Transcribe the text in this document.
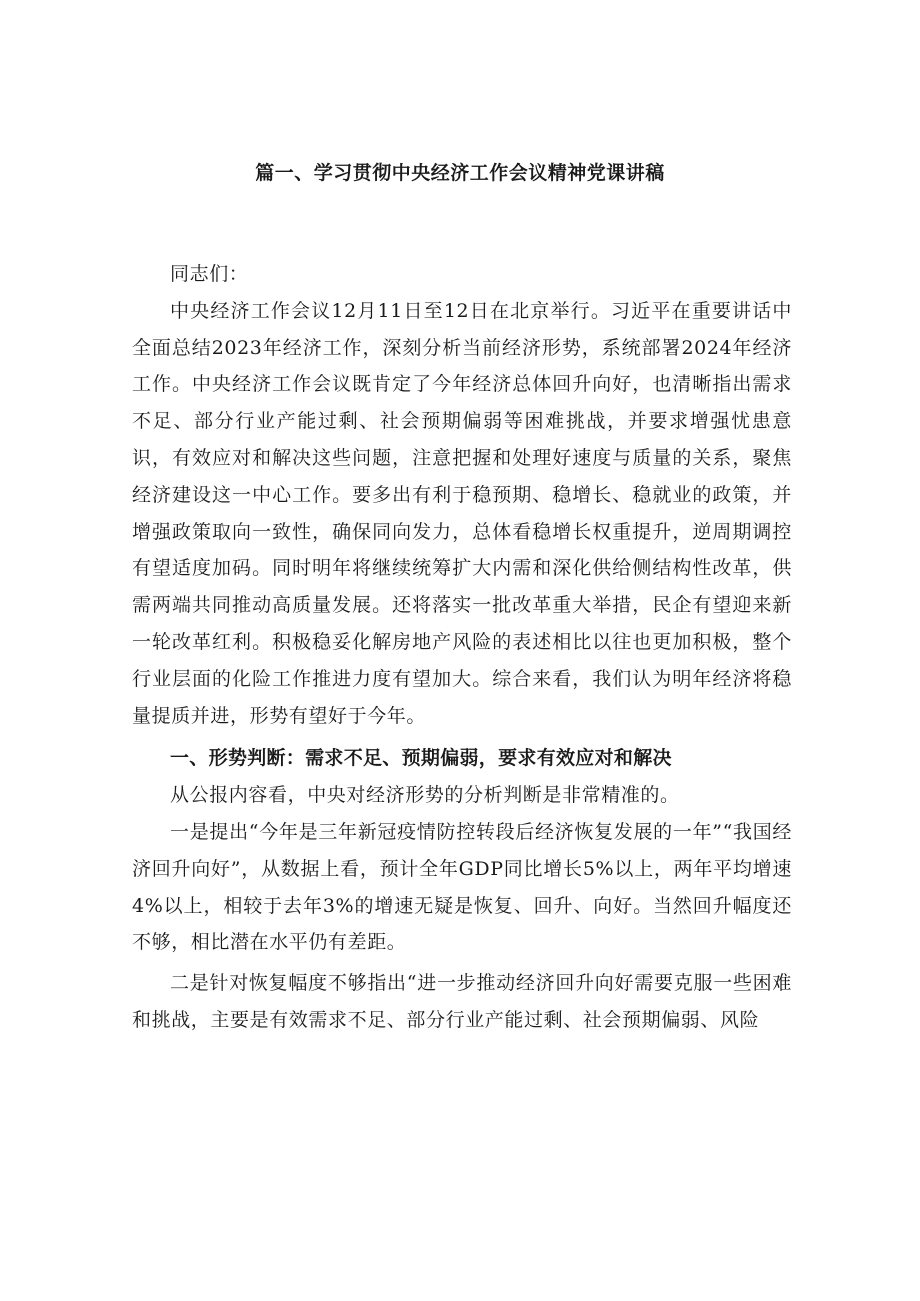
篇一、学习贯彻中央经济工作会议精神党课讲稿

同志们：

中央经济工作会议12月11日至12日在北京举行。习近平在重要讲话中全面总结2023年经济工作，深刻分析当前经济形势，系统部署2024年经济工作。中央经济工作会议既肯定了今年经济总体回升向好，也清晰指出需求不足、部分行业产能过剩、社会预期偏弱等困难挑战，并要求增强忧患意识，有效应对和解决这些问题，注意把握和处理好速度与质量的关系，聚焦经济建设这一中心工作。要多出有利于稳预期、稳增长、稳就业的政策，并增强政策取向一致性，确保同向发力，总体看稳增长权重提升，逆周期调控有望适度加码。同时明年将继续统筹扩大内需和深化供给侧结构性改革，供需两端共同推动高质量发展。还将落实一批改革重大举措，民企有望迎来新一轮改革红利。积极稳妥化解房地产风险的表述相比以往也更加积极，整个行业层面的化险工作推进力度有望加大。综合来看，我们认为明年经济将稳量提质并进，形势有望好于今年。

一、形势判断：需求不足、预期偏弱，要求有效应对和解决

从公报内容看，中央对经济形势的分析判断是非常精准的。

一是提出“今年是三年新冠疫情防控转段后经济恢复发展的一年”“我国经济回升向好”，从数据上看，预计全年GDP同比增长5%以上，两年平均增速4%以上，相较于去年3%的增速无疑是恢复、回升、向好。当然回升幅度还不够，相比潜在水平仍有差距。

二是针对恢复幅度不够指出“进一步推动经济回升向好需要克服一些困难和挑战，主要是有效需求不足、部分行业产能过剩、社会预期偏弱、风险
